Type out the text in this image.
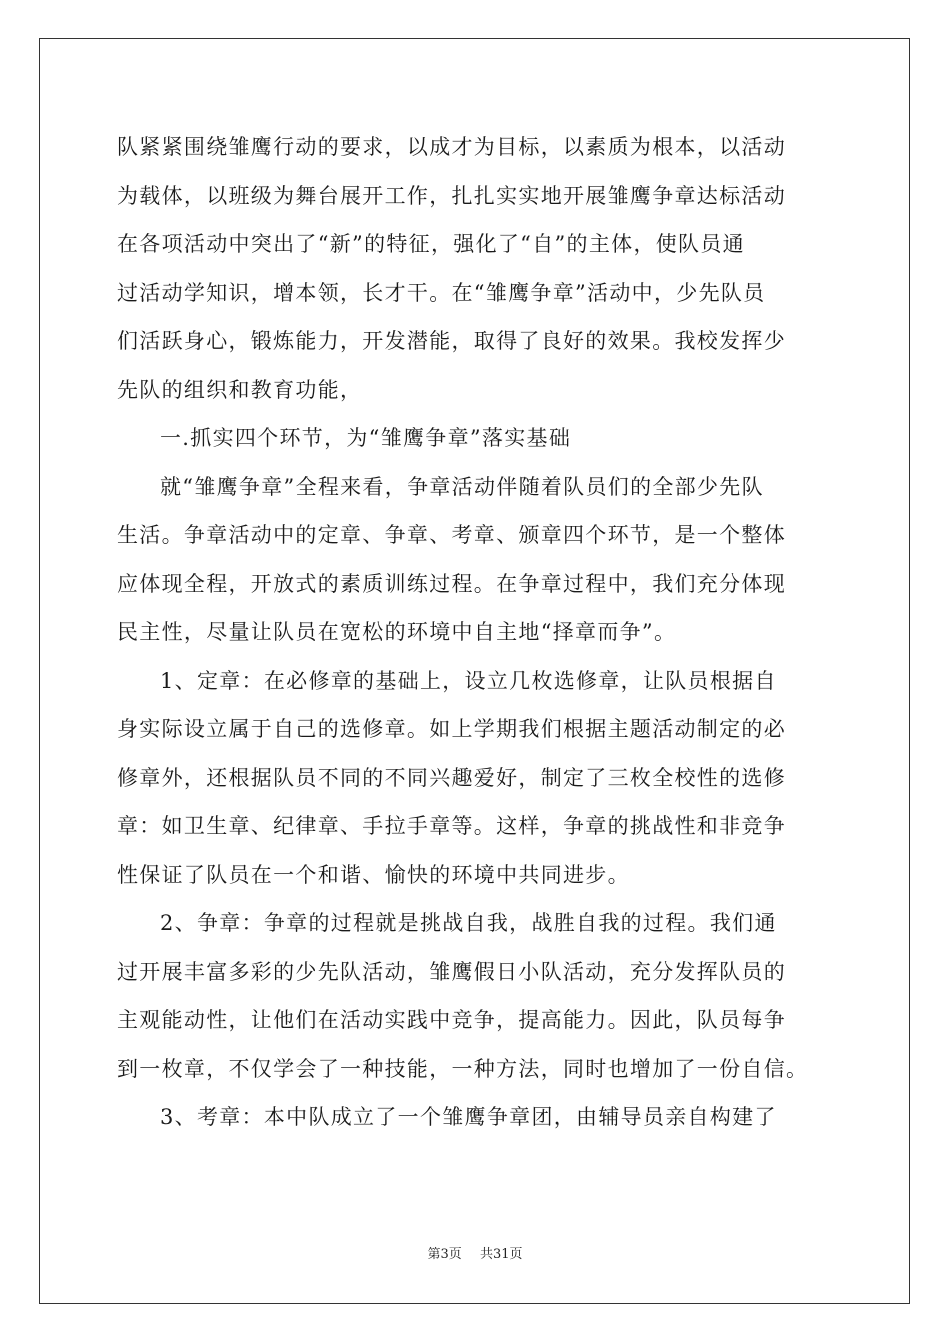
队紧紧围绕雏鹰行动的要求，以成才为目标，以素质为根本，以活动
为载体，以班级为舞台展开工作，扎扎实实地开展雏鹰争章达标活动
在各项活动中突出了“新”的特征，强化了“自”的主体，使队员通
过活动学知识，增本领，长才干。在“雏鹰争章”活动中，少先队员
们活跃身心，锻炼能力，开发潜能，取得了良好的效果。我校发挥少
先队的组织和教育功能，
一.抓实四个环节，为“雏鹰争章”落实基础
就“雏鹰争章”全程来看，争章活动伴随着队员们的全部少先队
生活。争章活动中的定章、争章、考章、颁章四个环节，是一个整体
应体现全程，开放式的素质训练过程。在争章过程中，我们充分体现
民主性，尽量让队员在宽松的环境中自主地“择章而争”。
1、定章：在必修章的基础上，设立几枚选修章，让队员根据自
身实际设立属于自己的选修章。如上学期我们根据主题活动制定的必
修章外，还根据队员不同的不同兴趣爱好，制定了三枚全校性的选修
章：如卫生章、纪律章、手拉手章等。这样，争章的挑战性和非竞争
性保证了队员在一个和谐、愉快的环境中共同进步。
2、争章：争章的过程就是挑战自我，战胜自我的过程。我们通
过开展丰富多彩的少先队活动，雏鹰假日小队活动，充分发挥队员的
主观能动性，让他们在活动实践中竞争，提高能力。因此，队员每争
到一枚章，不仅学会了一种技能，一种方法，同时也增加了一份自信。
3、考章：本中队成立了一个雏鹰争章团，由辅导员亲自构建了
第3页 共31页
